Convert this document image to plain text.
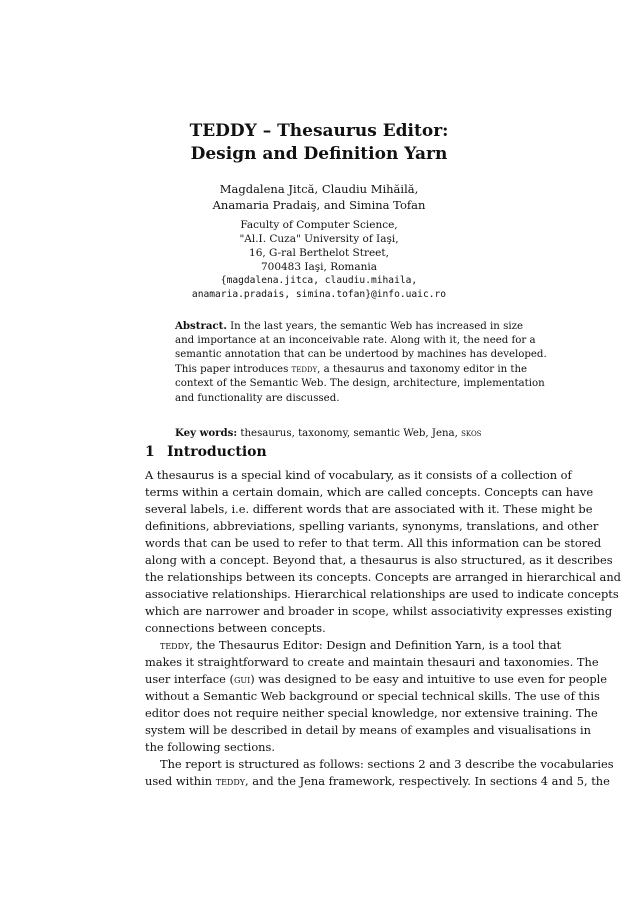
TEDDY – Thesaurus Editor:
Design and Definition Yarn
Magdalena Jitcă, Claudiu Mihăilă,
Anamaria Pradaiş, and Simina Tofan
Faculty of Computer Science,
"Al.I. Cuza" University of Iaşi,
16, G-ral Berthelot Street,
700483 Iaşi, Romania
{magdalena.jitca, claudiu.mihaila,
anamaria.pradais, simina.tofan}@info.uaic.ro
Abstract. In the last years, the semantic Web has increased in size
and importance at an inconceivable rate. Along with it, the need for a
semantic annotation that can be undertood by machines has developed.
This paper introduces teddy, a thesaurus and taxonomy editor in the
context of the Semantic Web. The design, architecture, implementation
and functionality are discussed.
Key words: thesaurus, taxonomy, semantic Web, Jena, skos
1 Introduction
A thesaurus is a special kind of vocabulary, as it consists of a collection of
terms within a certain domain, which are called concepts. Concepts can have
several labels, i.e. different words that are associated with it. These might be
definitions, abbreviations, spelling variants, synonyms, translations, and other
words that can be used to refer to that term. All this information can be stored
along with a concept. Beyond that, a thesaurus is also structured, as it describes
the relationships between its concepts. Concepts are arranged in hierarchical and
associative relationships. Hierarchical relationships are used to indicate concepts
which are narrower and broader in scope, whilst associativity expresses existing
connections between concepts.
teddy, the Thesaurus Editor: Design and Definition Yarn, is a tool that
makes it straightforward to create and maintain thesauri and taxonomies. The
user interface (gui) was designed to be easy and intuitive to use even for people
without a Semantic Web background or special technical skills. The use of this
editor does not require neither special knowledge, nor extensive training. The
system will be described in detail by means of examples and visualisations in
the following sections.
The report is structured as follows: sections 2 and 3 describe the vocabularies
used within teddy, and the Jena framework, respectively. In sections 4 and 5, the
